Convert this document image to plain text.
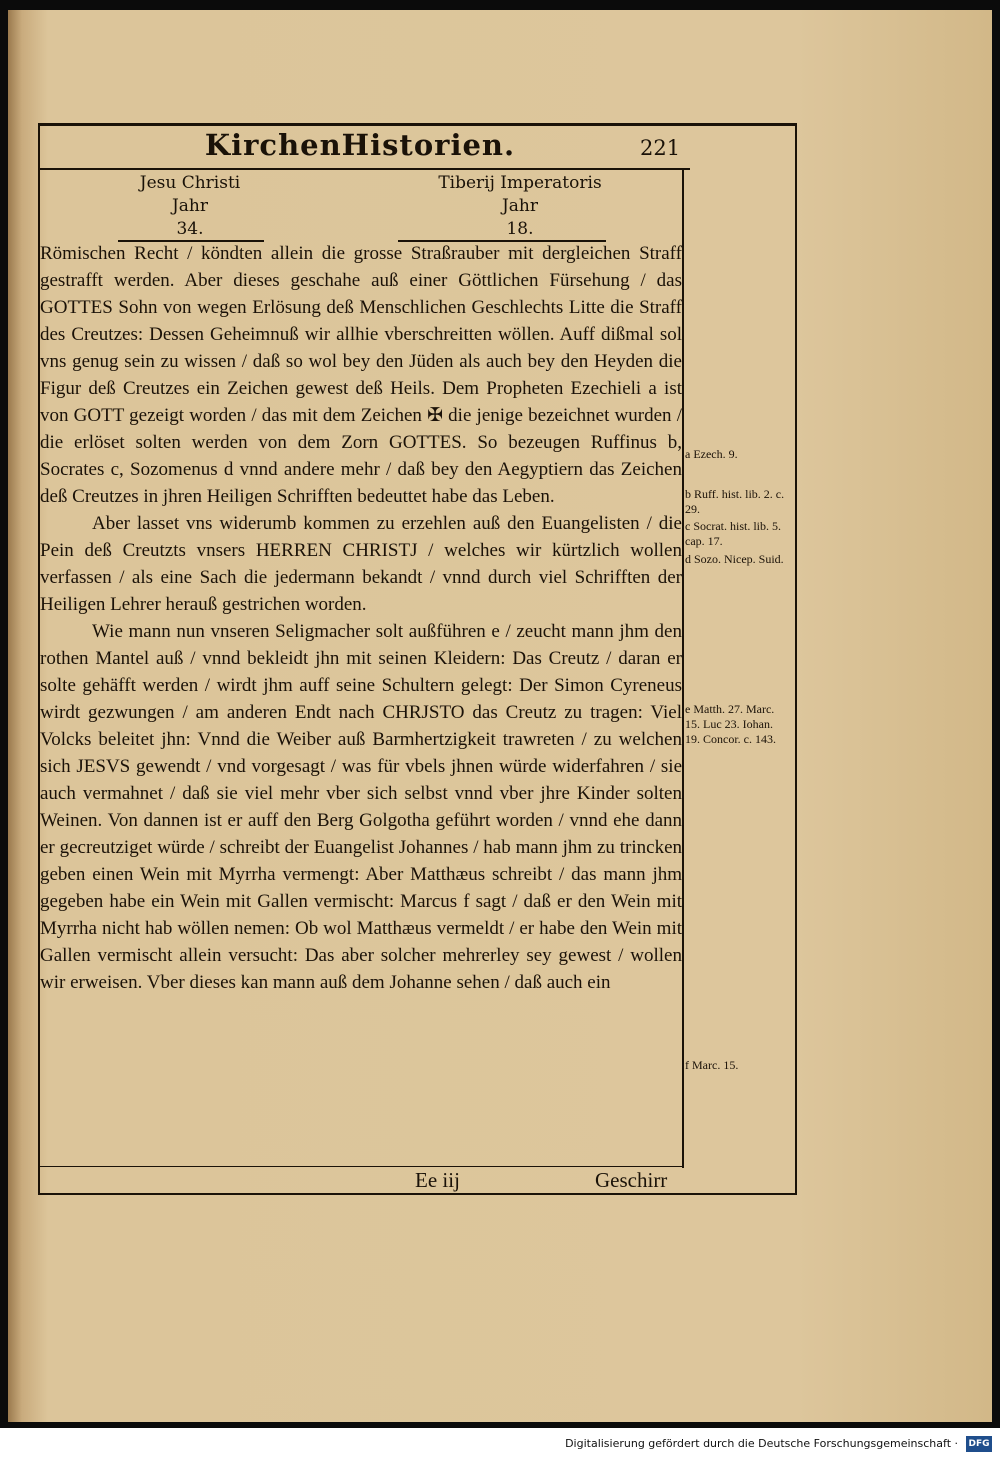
KirchenHistorien.	221
Jesu Christi
Jahr
34.
Tiberij Imperatoris
Jahr
18.

Römischen Recht / köndten allein die grosse Straßrauber mit dergleichen Straff gestrafft werden. Aber dieses geschahe auß einer Göttlichen Fürsehung / das GOTTES Sohn von wegen Erlösung deß Menschlichen Geschlechts Litte die Straff des Creutzes: Dessen Geheimnuß wir allhie vberschreitten wöllen. Auff dißmal sol vns genug sein zu wissen / daß so wol bey den Jüden als auch bey den Heyden die Figur deß Creutzes ein Zeichen gewest deß Heils. Dem Propheten Ezechieli a ist von GOTT gezeigt worden / das mit dem Zeichen ✠ die jenige bezeichnet wurden / die erlöset solten werden von dem Zorn GOTTES. So bezeugen Ruffinus b, Socrates c, Sozomenus d vnnd andere mehr / daß bey den Aegyptiern das Zeichen deß Creutzes in jhren Heiligen Schrifften bedeuttet habe das Leben.

Aber lasset vns widerumb kommen zu erzehlen auß den Euangelisten / die Pein deß Creutzts vnsers HERREN CHRISTJ / welches wir kürtzlich wollen verfassen / als eine Sach die jedermann bekandt / vnnd durch viel Schrifften der Heiligen Lehrer herauß gestrichen worden.

Wie mann nun vnseren Seligmacher solt außführen e / zeucht mann jhm den rothen Mantel auß / vnnd bekleidt jhn mit seinen Kleidern: Das Creutz / daran er solte gehäfft werden / wirdt jhm auff seine Schultern gelegt: Der Simon Cyreneus wirdt gezwungen / am anderen Endt nach CHRJSTO das Creutz zu tragen: Viel Volcks beleitet jhn: Vnnd die Weiber auß Barmhertzigkeit trawreten / zu welchen sich JESVS gewendt / vnd vorgesagt / was für vbels jhnen würde widerfahren / sie auch vermahnet / daß sie viel mehr vber sich selbst vnnd vber jhre Kinder solten Weinen. Von dannen ist er auff den Berg Golgotha geführt worden / vnnd ehe dann er gecreutziget würde / schreibt der Euangelist Johannes / hab mann jhm zu trincken geben einen Wein mit Myrrha vermengt: Aber Matthæus schreibt / das mann jhm gegeben habe ein Wein mit Gallen vermischt: Marcus f sagt / daß er den Wein mit Myrrha nicht hab wöllen nemen: Ob wol Matthæus vermeldt / er habe den Wein mit Gallen vermischt allein versucht: Das aber solcher mehrerley sey gewest / wollen wir erweisen. Vber dieses kan mann auß dem Johanne sehen / daß auch ein

a Ezech. 9.
b Ruff. hist. lib. 2. c. 29.
c Socrat. hist. lib. 5. cap. 17.
d Sozo. Nicep. Suid.
e Matth. 27. Marc. 15. Luc 23. Iohan. 19. Concor. c. 143.
f Marc. 15.
Ee iij	Geschirr
Digitalisierung gefördert durch die Deutsche Forschungsgemeinschaft · DFG
